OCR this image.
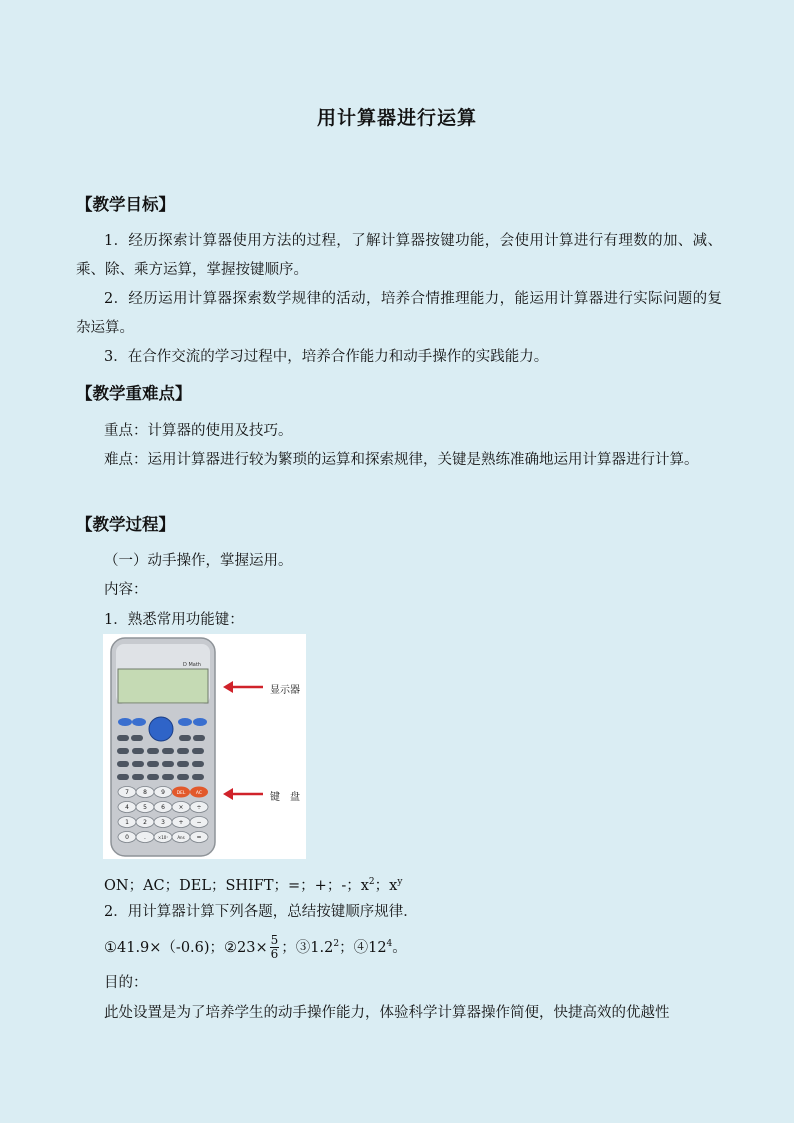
用计算器进行运算
【教学目标】
1．经历探索计算器使用方法的过程，了解计算器按键功能，会使用计算进行有理数的加、减、乘、除、乘方运算，掌握按键顺序。
2．经历运用计算器探索数学规律的活动，培养合情推理能力，能运用计算器进行实际问题的复杂运算。
3．在合作交流的学习过程中，培养合作能力和动手操作的实践能力。
【教学重难点】
重点：计算器的使用及技巧。
难点：运用计算器进行较为繁琐的运算和探索规律，关键是熟练准确地运用计算器进行计算。
【教学过程】
（一）动手操作，掌握运用。
内容：
1．熟悉常用功能键：
D Math
7 8 9	DEL AC
4 5 6 × ÷
1 2 3 + −
0	.	×10ˣ Ans =
显示器
键　盘
ON；AC；DEL；SHIFT；=；+；-；$x^2$；$x^y$
2．用计算器计算下列各题，总结按键顺序规律．
①41.9×（-0.6)；②23× $\frac{5}{6}$ ；$③1.2^2$；$④12^4$。
目的：
此处设置是为了培养学生的动手操作能力，体验科学计算器操作简便，快捷高效的优越性
